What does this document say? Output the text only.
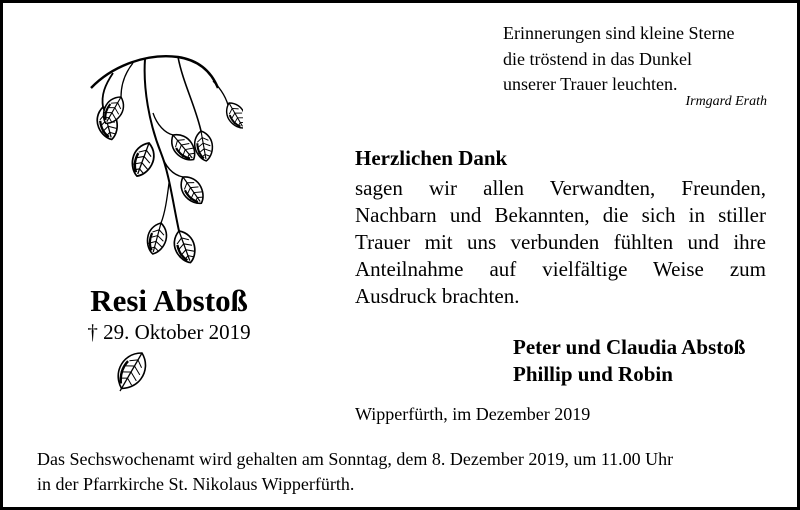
Erinnerungen sind kleine Sterne
die tröstend in das Dunkel
unserer Trauer leuchten.
Irmgard Erath
Resi Abstoß
† 29. Oktober 2019
Herzlichen Dank
sagen wir allen Verwandten, Freunden,
Nachbarn und Bekannten, die sich in stiller
Trauer mit uns verbunden fühlten und ihre
Anteilnahme auf vielfältige Weise zum
Ausdruck brachten.
Peter und Claudia Abstoß
Phillip und Robin
Wipperfürth, im Dezember 2019
Das Sechswochenamt wird gehalten am Sonntag, dem 8. Dezember 2019, um 11.00 Uhr
in der Pfarrkirche St. Nikolaus Wipperfürth.
